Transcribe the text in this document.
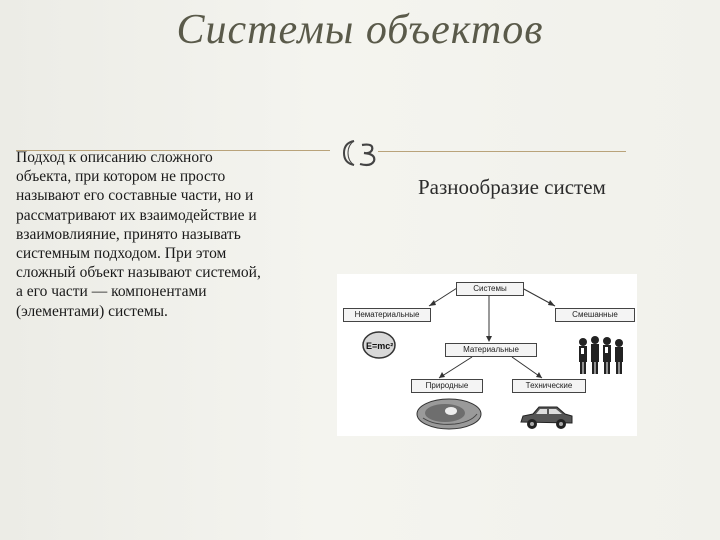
Системы объектов
Подход к описанию сложного объекта, при котором не просто называют его составные части, но и рассматривают их взаимодействие и взаимовлияние, принято называть системным подходом. При этом сложный объект называют системой, а его части — компонентами (элементами) системы.
Разнообразие систем
Системы
Нематериальные	Смешанные
Материальные
Природные	Технические
E=mc²
